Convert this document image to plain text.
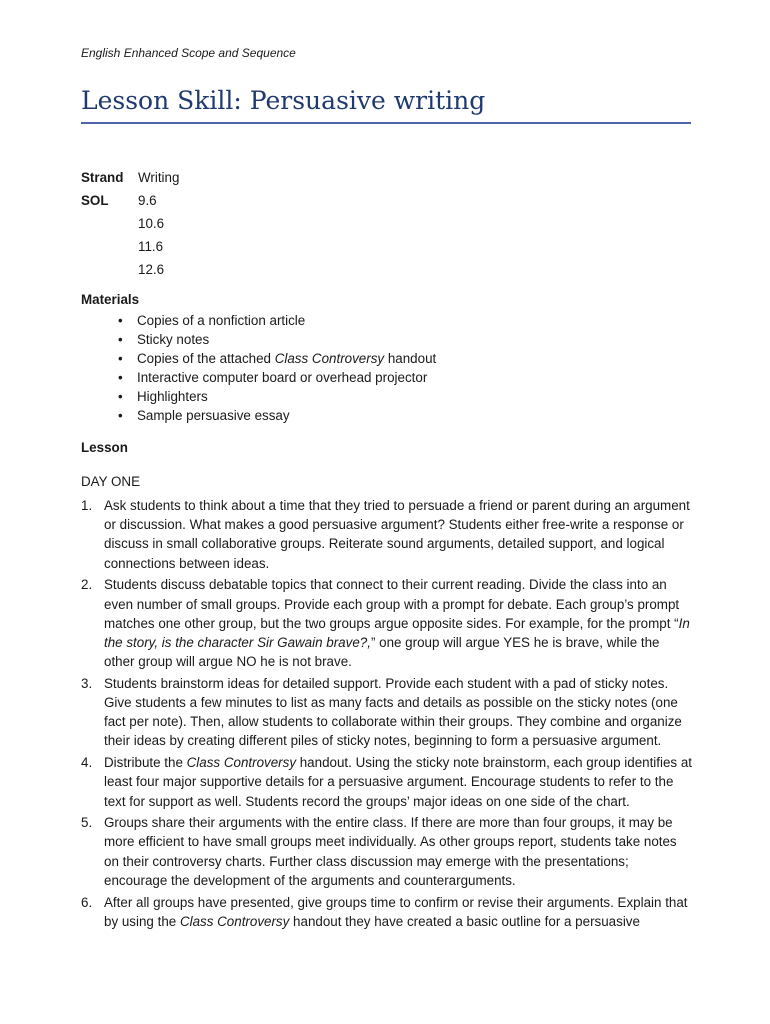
English Enhanced Scope and Sequence
Lesson Skill: Persuasive writing
Strand	Writing
SOL	9.6
10.6
11.6
12.6
Materials
• Copies of a nonfiction article
• Sticky notes
• Copies of the attached Class Controversy handout
• Interactive computer board or overhead projector
• Highlighters
• Sample persuasive essay
Lesson
DAY ONE
1. Ask students to think about a time that they tried to persuade a friend or parent during an argument or discussion. What makes a good persuasive argument? Students either free-write a response or discuss in small collaborative groups. Reiterate sound arguments, detailed support, and logical connections between ideas.
2. Students discuss debatable topics that connect to their current reading. Divide the class into an even number of small groups. Provide each group with a prompt for debate. Each group’s prompt matches one other group, but the two groups argue opposite sides. For example, for the prompt “In the story, is the character Sir Gawain brave?,” one group will argue YES he is brave, while the other group will argue NO he is not brave.
3. Students brainstorm ideas for detailed support. Provide each student with a pad of sticky notes. Give students a few minutes to list as many facts and details as possible on the sticky notes (one fact per note). Then, allow students to collaborate within their groups. They combine and organize their ideas by creating different piles of sticky notes, beginning to form a persuasive argument.
4. Distribute the Class Controversy handout. Using the sticky note brainstorm, each group identifies at least four major supportive details for a persuasive argument. Encourage students to refer to the text for support as well. Students record the groups’ major ideas on one side of the chart.
5. Groups share their arguments with the entire class. If there are more than four groups, it may be more efficient to have small groups meet individually. As other groups report, students take notes on their controversy charts. Further class discussion may emerge with the presentations; encourage the development of the arguments and counterarguments.
6. After all groups have presented, give groups time to confirm or revise their arguments. Explain that by using the Class Controversy handout they have created a basic outline for a persuasive
